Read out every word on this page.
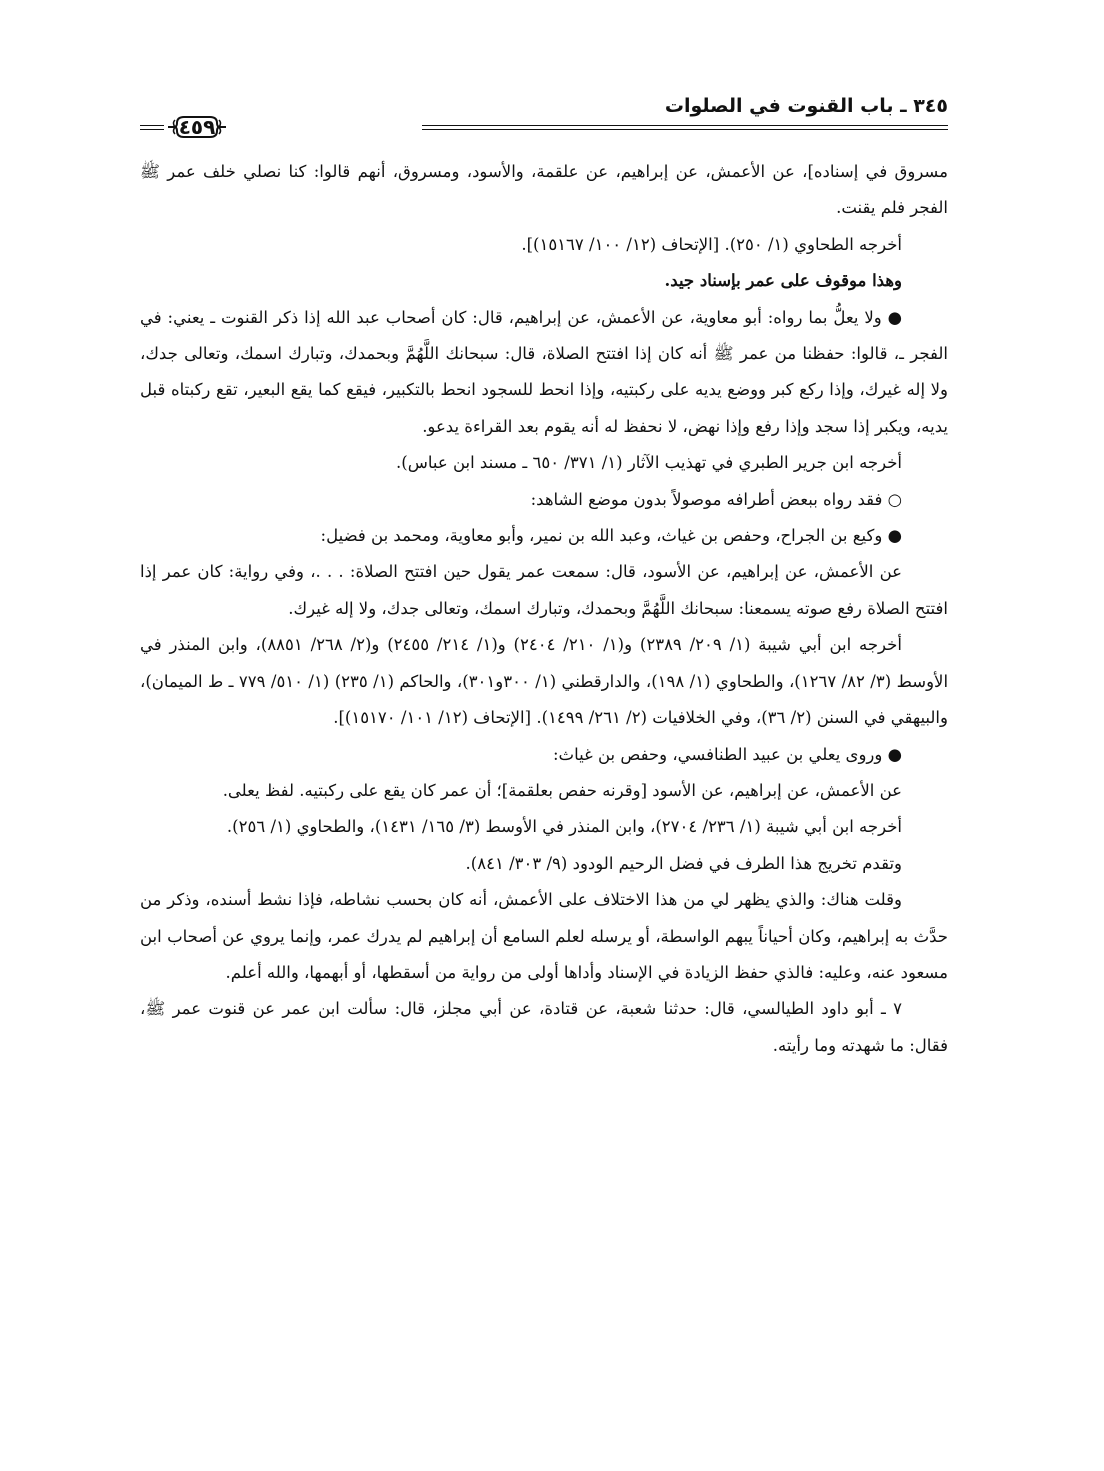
٣٤٥ ـ باب القنوت في الصلوات
٤٥٩

مسروق في إسناده]، عن الأعمش، عن إبراهيم، عن علقمة، والأسود، ومسروق، أنهم قالوا: كنا نصلي خلف عمر ﷺ الفجر فلم يقنت.

أخرجه الطحاوي (١/ ٢٥٠). [الإتحاف (١٢/ ١٠٠/ ١٥١٦٧)].

وهذا موقوف على عمر بإسناد جيد.

● ولا يعلُّ بما رواه: أبو معاوية، عن الأعمش، عن إبراهيم، قال: كان أصحاب عبد الله إذا ذكر القنوت ـ يعني: في الفجر ـ، قالوا: حفظنا من عمر ﷺ أنه كان إذا افتتح الصلاة، قال: سبحانك اللَّهُمَّ وبحمدك، وتبارك اسمك، وتعالى جدك، ولا إله غيرك، وإذا ركع كبر ووضع يديه على ركبتيه، وإذا انحط للسجود انحط بالتكبير، فيقع كما يقع البعير، تقع ركبتاه قبل يديه، ويكبر إذا سجد وإذا رفع وإذا نهض، لا نحفظ له أنه يقوم بعد القراءة يدعو.

أخرجه ابن جرير الطبري في تهذيب الآثار (١/ ٣٧١/ ٦٥٠ ـ مسند ابن عباس).

○ فقد رواه ببعض أطرافه موصولاً بدون موضع الشاهد:

● وكيع بن الجراح، وحفص بن غياث، وعبد الله بن نمير، وأبو معاوية، ومحمد بن فضيل:

عن الأعمش، عن إبراهيم، عن الأسود، قال: سمعت عمر يقول حين افتتح الصلاة: . . .، وفي رواية: كان عمر إذا افتتح الصلاة رفع صوته يسمعنا: سبحانك اللَّهُمَّ وبحمدك، وتبارك اسمك، وتعالى جدك، ولا إله غيرك.

أخرجه ابن أبي شيبة (١/ ٢٠٩/ ٢٣٨٩) و(١/ ٢١٠/ ٢٤٠٤) و(١/ ٢١٤/ ٢٤٥٥) و(٢/ ٢٦٨/ ٨٨٥١)، وابن المنذر في الأوسط (٣/ ٨٢/ ١٢٦٧)، والطحاوي (١/ ١٩٨)، والدارقطني (١/ ٣٠٠و٣٠١)، والحاكم (١/ ٢٣٥) (١/ ٥١٠/ ٧٧٩ ـ ط الميمان)، والبيهقي في السنن (٢/ ٣٦)، وفي الخلافيات (٢/ ٢٦١/ ١٤٩٩). [الإتحاف (١٢/ ١٠١/ ١٥١٧٠)].

● وروى يعلي بن عبيد الطنافسي، وحفص بن غياث:

عن الأعمش، عن إبراهيم، عن الأسود [وقرنه حفص بعلقمة]؛ أن عمر كان يقع على ركبتيه. لفظ يعلى.

أخرجه ابن أبي شيبة (١/ ٢٣٦/ ٢٧٠٤)، وابن المنذر في الأوسط (٣/ ١٦٥/ ١٤٣١)، والطحاوي (١/ ٢٥٦).

وتقدم تخريج هذا الطرف في فضل الرحيم الودود (٩/ ٣٠٣/ ٨٤١).

وقلت هناك: والذي يظهر لي من هذا الاختلاف على الأعمش، أنه كان بحسب نشاطه، فإذا نشط أسنده، وذكر من حدَّث به إبراهيم، وكان أحياناً يبهم الواسطة، أو يرسله لعلم السامع أن إبراهيم لم يدرك عمر، وإنما يروي عن أصحاب ابن مسعود عنه، وعليه: فالذي حفظ الزيادة في الإسناد وأداها أولى من رواية من أسقطها، أو أبهمها، والله أعلم.

٧ ـ أبو داود الطيالسي، قال: حدثنا شعبة، عن قتادة، عن أبي مجلز، قال: سألت ابن عمر عن قنوت عمر ﷺ، فقال: ما شهدته وما رأيته.
